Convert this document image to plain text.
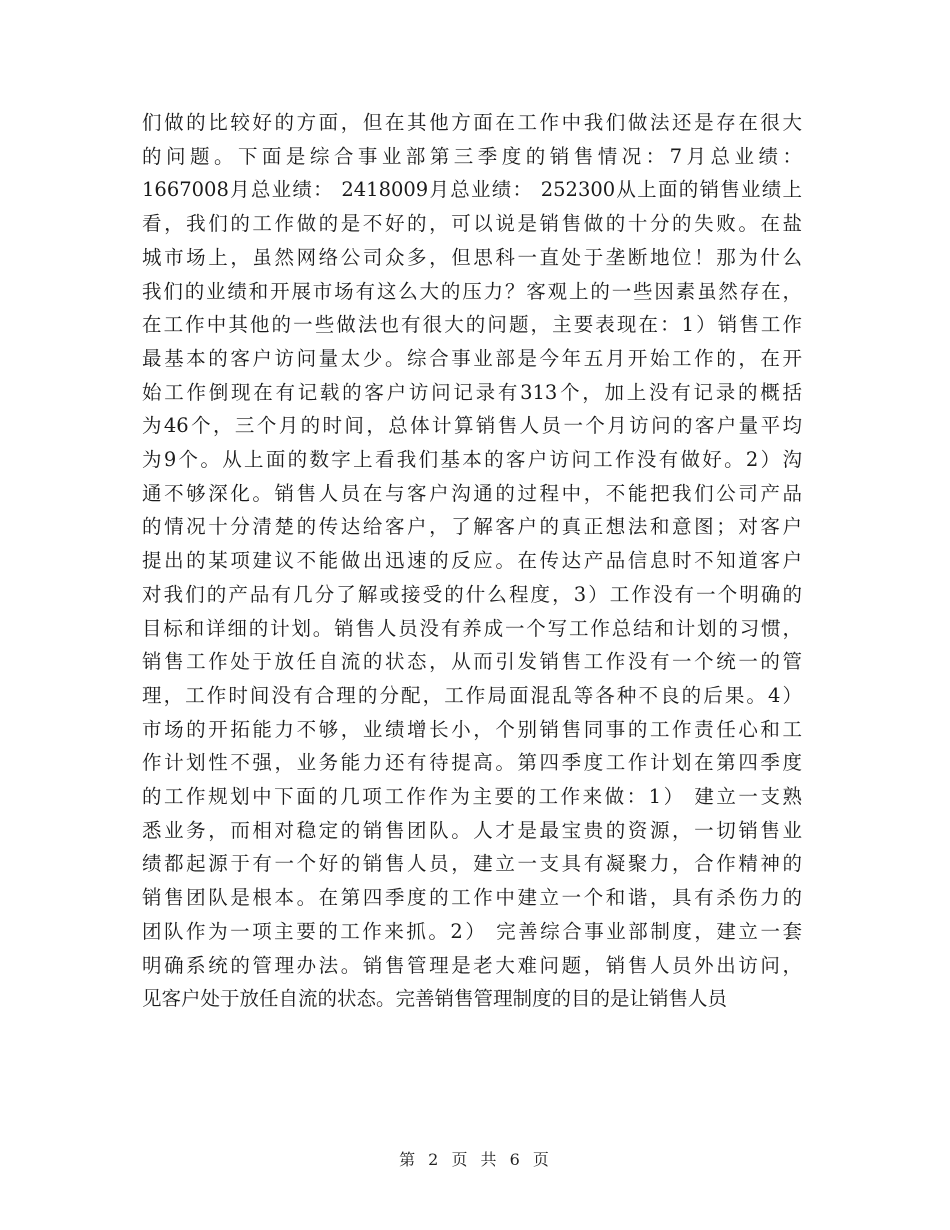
们做的比较好的方面，但在其他方面在工作中我们做法还是存在很大
的问题。下面是综合事业部第三季度的销售情况：7月总业绩：
1667008月总业绩： 2418009月总业绩： 252300从上面的销售业绩上
看，我们的工作做的是不好的，可以说是销售做的十分的失败。在盐
城市场上，虽然网络公司众多，但思科一直处于垄断地位！那为什么
我们的业绩和开展市场有这么大的压力？客观上的一些因素虽然存在，
在工作中其他的一些做法也有很大的问题，主要表现在：1）销售工作
最基本的客户访问量太少。综合事业部是今年五月开始工作的，在开
始工作倒现在有记载的客户访问记录有313个，加上没有记录的概括
为46个，三个月的时间，总体计算销售人员一个月访问的客户量平均
为9个。从上面的数字上看我们基本的客户访问工作没有做好。2）沟
通不够深化。销售人员在与客户沟通的过程中，不能把我们公司产品
的情况十分清楚的传达给客户，了解客户的真正想法和意图；对客户
提出的某项建议不能做出迅速的反应。在传达产品信息时不知道客户
对我们的产品有几分了解或接受的什么程度，3）工作没有一个明确的
目标和详细的计划。销售人员没有养成一个写工作总结和计划的习惯，
销售工作处于放任自流的状态，从而引发销售工作没有一个统一的管
理，工作时间没有合理的分配，工作局面混乱等各种不良的后果。4）
市场的开拓能力不够，业绩增长小，个别销售同事的工作责任心和工
作计划性不强，业务能力还有待提高。第四季度工作计划在第四季度
的工作规划中下面的几项工作作为主要的工作来做：1） 建立一支熟
悉业务，而相对稳定的销售团队。人才是最宝贵的资源，一切销售业
绩都起源于有一个好的销售人员，建立一支具有凝聚力，合作精神的
销售团队是根本。在第四季度的工作中建立一个和谐，具有杀伤力的
团队作为一项主要的工作来抓。2） 完善综合事业部制度，建立一套
明确系统的管理办法。销售管理是老大难问题，销售人员外出访问，
见客户处于放任自流的状态。完善销售管理制度的目的是让销售人员
第 2 页 共 6 页
